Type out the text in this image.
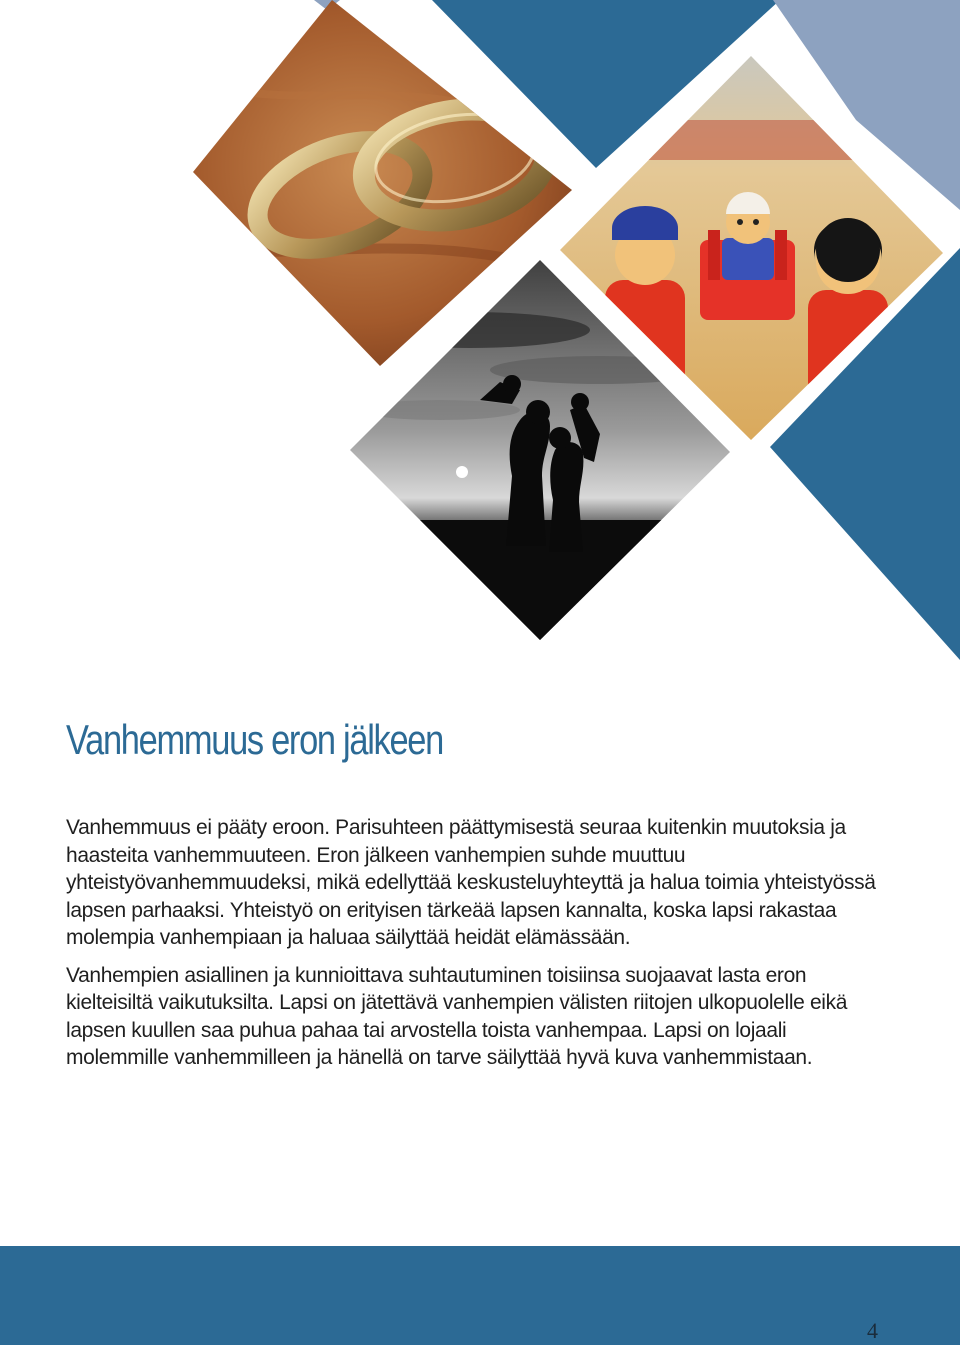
Vanhemmuus eron jälkeen

Vanhemmuus ei pääty eroon. Parisuhteen päättymisestä seuraa kuitenkin muutoksia ja haasteita vanhemmuuteen. Eron jälkeen vanhempien suhde muuttuu yhteistyövanhemmuudeksi, mikä edellyttää keskusteluyhteyttä ja halua toimia yhteistyössä lapsen parhaaksi. Yhteistyö on erityisen tärkeää lapsen kannalta, koska lapsi rakastaa molempia vanhempiaan ja haluaa säilyttää heidät elämässään.

Vanhempien asiallinen ja kunnioittava suhtautuminen toisiinsa suojaavat lasta eron kielteisiltä vaikutuksilta. Lapsi on jätettävä vanhempien välisten riitojen ulkopuolelle eikä lapsen kuullen saa puhua pahaa tai arvostella toista vanhempaa. Lapsi on lojaali molemmille vanhemmilleen ja hänellä on tarve säilyttää hyvä kuva vanhemmistaan.

4
